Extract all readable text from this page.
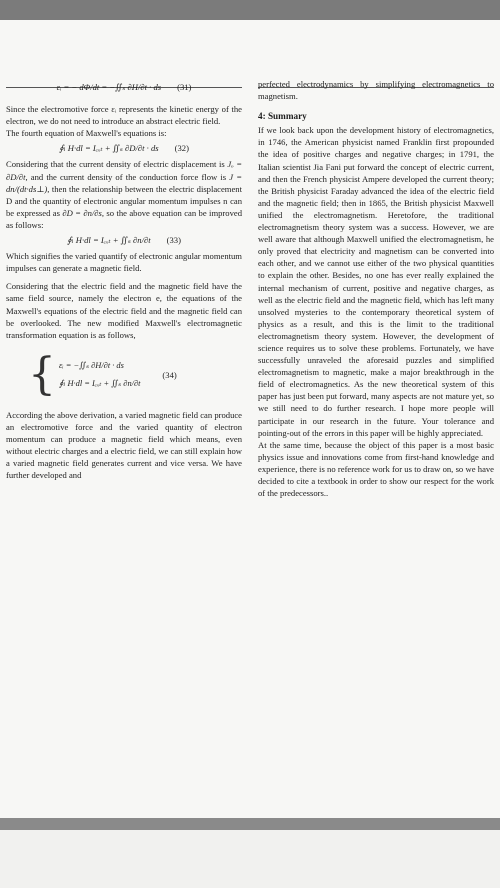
εᵢ = − dΦ/dt = −∬ₛ ∂H/∂t · ds (31)

Since the electromotive force εᵢ represents the kinetic energy of the electron, we do not need to introduce an abstract electric field.

The fourth equation of Maxwell's equations is:

∮ₗ H·dl = Iₑₓₜ + ∬ₛ ∂D/∂t · ds (32)

Considering that the current density of electric displacement is Jₒ = ∂D/∂t, and the current density of the conduction force flow is J = dn/(dt·ds⊥), then the relationship between the electric displacement D and the quantity of electronic angular momentum impulses n can be expressed as ∂D = ∂n/∂s, so the above equation can be improved as follows:

∮ₗ H·dl = Iₑₓₜ + ∬ₛ ∂n/∂t (33)

Which signifies the varied quantify of electronic angular momentum impulses can generate a magnetic field.

Considering that the electric field and the magnetic field have the same field source, namely the electron e, the equations of the Maxwell's equations of the electric field and the magnetic field can be overlooked. The new modified Maxwell's electromagnetic transformation equation is as follows,

{ εᵢ = −∬ₛ ∂H/∂t · ds
∮ₗ H·dl = Iₑₓₜ + ∬ₛ ∂n/∂t
(34)

According the above derivation, a varied magnetic field can produce an electromotive force and the varied quantity of electron momentum can produce a magnetic field which means, even without electric charges and a electric field, we can still explain how a varied magnetic field generates current and vice versa. We have further developed and

perfected electrodynamics by simplifying electromagnetics to magnetism.

4: Summary

If we look back upon the development history of electromagnetics, in 1746, the American physicist named Franklin first propounded the idea of positive charges and negative charges; in 1791, the Italian scientist Jia Fani put forward the concept of electric current, and then the French physicist Ampere developed the current theory; the British physicist Faraday advanced the idea of the electric field and the magnetic field; then in 1865, the British physicist Maxwell unified the electromagnetism. Heretofore, the traditional electromagnetism theory system was a success. However, we are well aware that although Maxwell unified the electromagnetism, he only proved that electricity and magnetism can be converted into each other, and we cannot use either of the two physical quantities to explain the other. Besides, no one has ever really explained the internal mechanism of current, positive and negative charges, as well as the electric field and the magnetic field, which has left many unsolved mysteries to the contemporary theoretical system of physics as a result, and this is the limit to the traditional electromagnetism theory system. However, the development of science requires us to solve these problems. Fortunately, we have successfully unraveled the aforesaid puzzles and simplified electromagnetism to magnetic, make a major breakthrough in the field of electromagnetics. As the new theoretical system of this paper has just been put forward, many aspects are not mature yet, so we still need to do further research. I hope more people will participate in our research in the future. Your tolerance and pointing-out of the errors in this paper will be highly appreciated.

At the same time, because the object of this paper is a most basic physics issue and innovations come from first-hand knowledge and experience, there is no reference work for us to draw on, so we have decided to cite a textbook in order to show our respect for the work of the predecessors..
